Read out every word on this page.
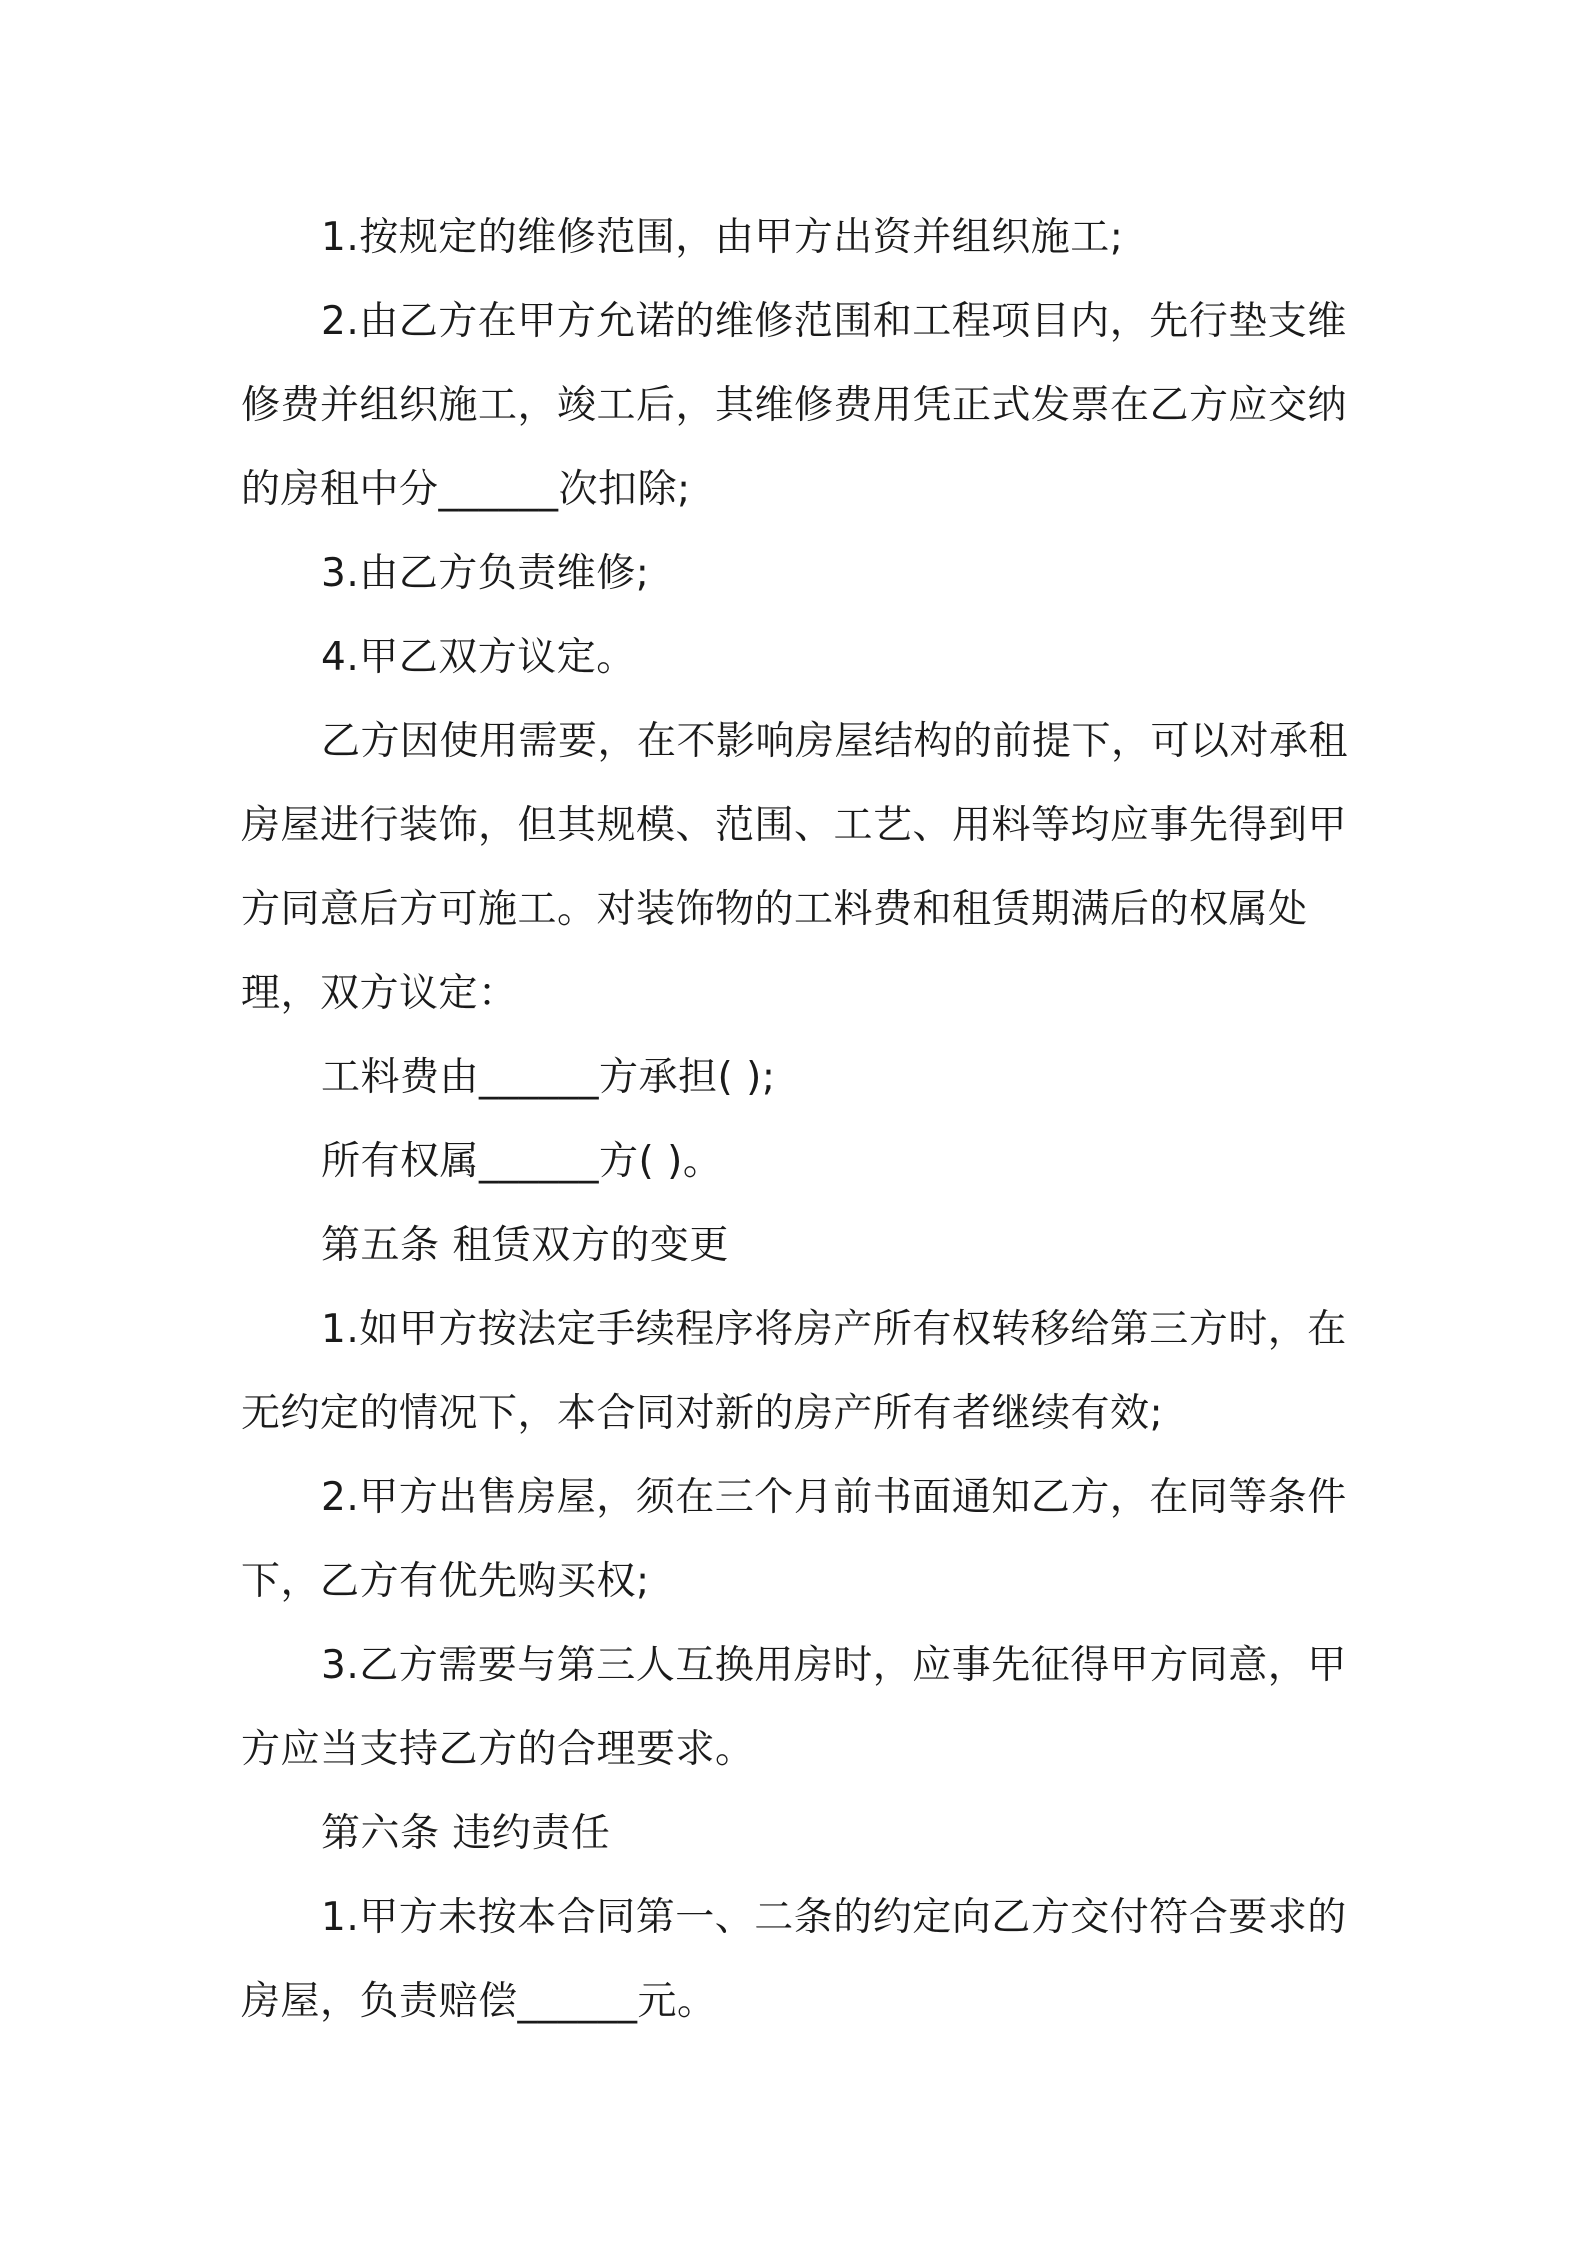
1.按规定的维修范围，由甲方出资并组织施工;

2.由乙方在甲方允诺的维修范围和工程项目内，先行垫支维修费并组织施工，竣工后，其维修费用凭正式发票在乙方应交纳的房租中分______次扣除;

3.由乙方负责维修;

4.甲乙双方议定。

乙方因使用需要，在不影响房屋结构的前提下，可以对承租房屋进行装饰，但其规模、范围、工艺、用料等均应事先得到甲方同意后方可施工。对装饰物的工料费和租赁期满后的权属处理，双方议定：

工料费由______方承担( );

所有权属______方( )。

第五条 租赁双方的变更

1.如甲方按法定手续程序将房产所有权转移给第三方时，在无约定的情况下，本合同对新的房产所有者继续有效;

2.甲方出售房屋，须在三个月前书面通知乙方，在同等条件下，乙方有优先购买权;

3.乙方需要与第三人互换用房时，应事先征得甲方同意，甲方应当支持乙方的合理要求。

第六条 违约责任

1.甲方未按本合同第一、二条的约定向乙方交付符合要求的房屋，负责赔偿______元。
